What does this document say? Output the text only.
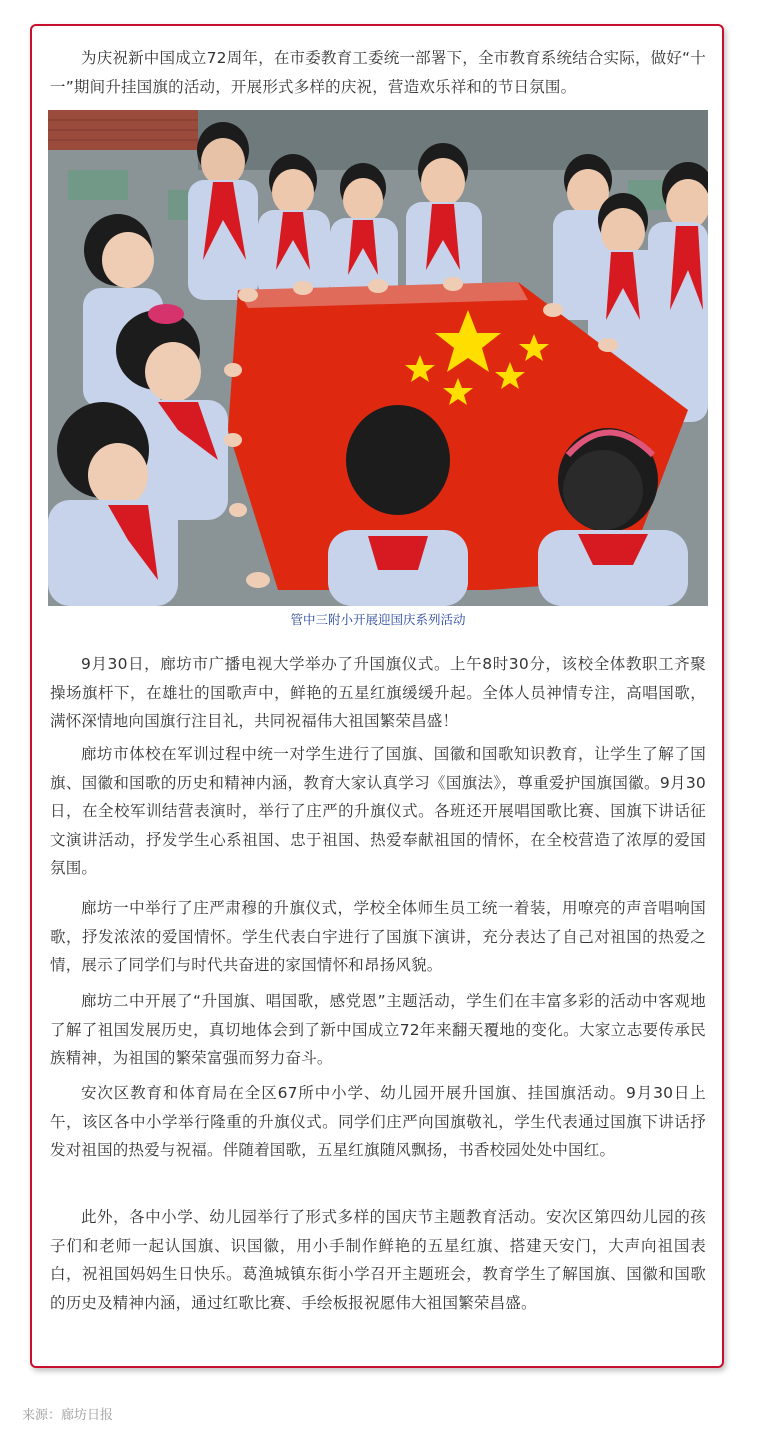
为庆祝新中国成立72周年，在市委教育工委统一部署下，全市教育系统结合实际，做好“十一”期间升挂国旗的活动，开展形式多样的庆祝，营造欢乐祥和的节日氛围。

管中三附小开展迎国庆系列活动

9月30日，廊坊市广播电视大学举办了升国旗仪式。上午8时30分，该校全体教职工齐聚操场旗杆下，在雄壮的国歌声中，鲜艳的五星红旗缓缓升起。全体人员神情专注，高唱国歌，满怀深情地向国旗行注目礼，共同祝福伟大祖国繁荣昌盛！

廊坊市体校在军训过程中统一对学生进行了国旗、国徽和国歌知识教育，让学生了解了国旗、国徽和国歌的历史和精神内涵，教育大家认真学习《国旗法》，尊重爱护国旗国徽。9月30日，在全校军训结营表演时，举行了庄严的升旗仪式。各班还开展唱国歌比赛、国旗下讲话征文演讲活动，抒发学生心系祖国、忠于祖国、热爱奉献祖国的情怀，在全校营造了浓厚的爱国氛围。

廊坊一中举行了庄严肃穆的升旗仪式，学校全体师生员工统一着装，用嘹亮的声音唱响国歌，抒发浓浓的爱国情怀。学生代表白宇进行了国旗下演讲，充分表达了自己对祖国的热爱之情，展示了同学们与时代共奋进的家国情怀和昂扬风貌。

廊坊二中开展了“升国旗、唱国歌，感党恩”主题活动，学生们在丰富多彩的活动中客观地了解了祖国发展历史，真切地体会到了新中国成立72年来翻天覆地的变化。大家立志要传承民族精神，为祖国的繁荣富强而努力奋斗。

安次区教育和体育局在全区67所中小学、幼儿园开展升国旗、挂国旗活动。9月30日上午，该区各中小学举行隆重的升旗仪式。同学们庄严向国旗敬礼，学生代表通过国旗下讲话抒发对祖国的热爱与祝福。伴随着国歌，五星红旗随风飘扬，书香校园处处中国红。

此外，各中小学、幼儿园举行了形式多样的国庆节主题教育活动。安次区第四幼儿园的孩子们和老师一起认国旗、识国徽，用小手制作鲜艳的五星红旗、搭建天安门，大声向祖国表白，祝祖国妈妈生日快乐。葛渔城镇东街小学召开主题班会，教育学生了解国旗、国徽和国歌的历史及精神内涵，通过红歌比赛、手绘板报祝愿伟大祖国繁荣昌盛。

来源：廊坊日报
